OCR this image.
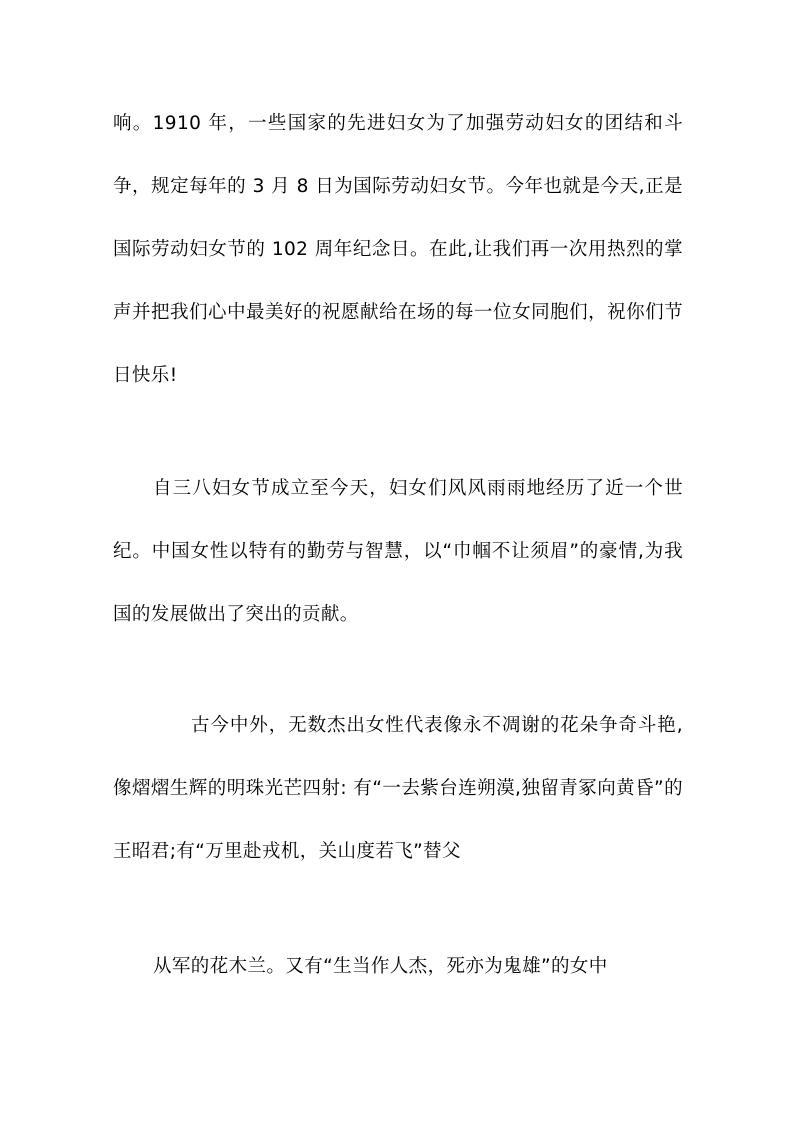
响。1910 年，一些国家的先进妇女为了加强劳动妇女的团结和斗争，规定每年的 3 月 8 日为国际劳动妇女节。今年也就是今天,正是国际劳动妇女节的 102 周年纪念日。在此,让我们再一次用热烈的掌声并把我们心中最美好的祝愿献给在场的每一位女同胞们，祝你们节日快乐!

自三八妇女节成立至今天，妇女们风风雨雨地经历了近一个世纪。中国女性以特有的勤劳与智慧，以“巾帼不让须眉”的豪情,为我国的发展做出了突出的贡献。

古今中外，无数杰出女性代表像永不凋谢的花朵争奇斗艳,像熠熠生辉的明珠光芒四射: 有“一去紫台连朔漠,独留青冢向黄昏”的王昭君;有“万里赴戎机，关山度若飞”替父

从军的花木兰。又有“生当作人杰，死亦为鬼雄”的女中
